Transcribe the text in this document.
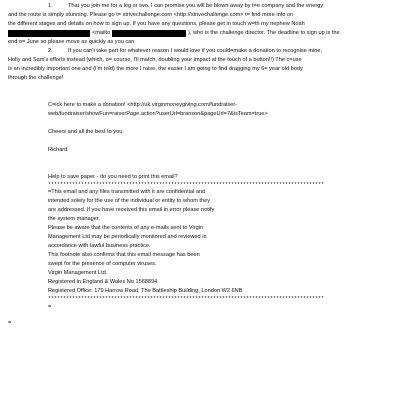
1.	That you join me for a leg or two. I can promise you will be blown away by t=e company and the energy
and the route is simply stunning. Please go t= strivechallenge.com <http://strivechallenge.com> t= find more info on
the different stages and details on how to sign up. If you have any questions, please get in touch w=th my nephew Noah
<mailto	), who is the challenge director. The deadline to sign up is the
end o= June so please move as quickly as you can
2.	If you can't take part for whatever reason I would love if you could=make a donation to recognise mine,
Holly and Sam's efforts instead (which, o= course, I'll match, doubling your impact at the touch of a button!!) The c=use
is an incredibly important one and (I'm told) the more I raise, the easier I am going to find dragging my 6= year old body
through the challenge!
C=ick here to make a donation! <http://uk.virginmoneygiving.com/fundraiser-
web/fundraiser/showFun=raiserPage.action?userUrl=branson&pageUrl=7&isTeam=true>
Cheers and all the best to you
Richard
Help to save paper - do you need to print this email?
********************************************************************************************
=This email and any files transmitted with it are confidential and
intended solely for the use of the individual or entity to whom they
are addressed. If you have received this email in error please notify
the system manager.
Please be aware that the contents of any e-mails sent to Virgin
Management Ltd may be periodically monitored and reviewed in
accordance with lawful business practice.
This footnote also confirms that this email message has been
swept for the presence of computer viruses.
Virgin Management Ltd.
Registered in England & Wales No 1568894
Registered Office: 179 Harrow Road, The Battleship Building, London W2 6NB
********************************************************************************************
=
=
